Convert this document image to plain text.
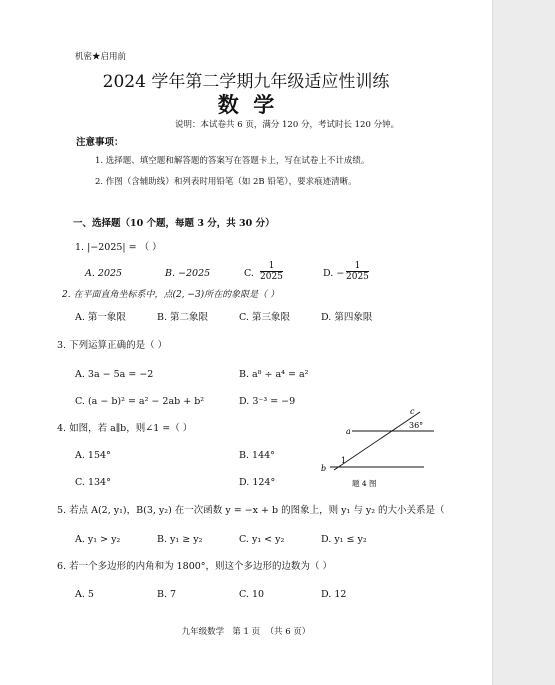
机密★启用前
2024 学年第二学期九年级适应性训练
数  学
说明：本试卷共 6 页，满分 120 分，考试时长 120 分钟。
注意事项：
1. 选择题、填空题和解答题的答案写在答题卡上，写在试卷上不计成绩。
2. 作图（含辅助线）和列表时用铅笔（如 2B 铅笔），要求痕迹清晰。
一、选择题（10 个题，每题 3 分，共 30 分）
1. |−2025| = （ ）
A. 2025	B. −2025	C. $\frac{1}{2025}$	D. − $\frac{1}{2025}$
2. 在平面直角坐标系中，点(2, −3)所在的象限是（ ）
A. 第一象限	B. 第二象限	C. 第三象限	D. 第四象限
3. 下列运算正确的是（ ）
A. 3a − 5a = −2	B. a⁸ ÷ a⁴ = a²
C. (a − b)² = a² − 2ab + b²	D. 3⁻³ = −9
4. 如图，若 a∥b，则∠1 =（ ）
A. 154°	B. 144°
C. 134°	D. 124°
a
b
c
1
36°
题 4 图
5. 若点 A(2, y₁)，B(3, y₂) 在一次函数 y = −x + b 的图象上，则 y₁ 与 y₂ 的大小关系是（
A. y₁ > y₂	B. y₁ ≥ y₂	C. y₁ < y₂	D. y₁ ≤ y₂
6. 若一个多边形的内角和为 1800°，则这个多边形的边数为（ ）
A. 5	B. 7	C. 10	D. 12
九年级数学   第 1 页  （共 6 页）
